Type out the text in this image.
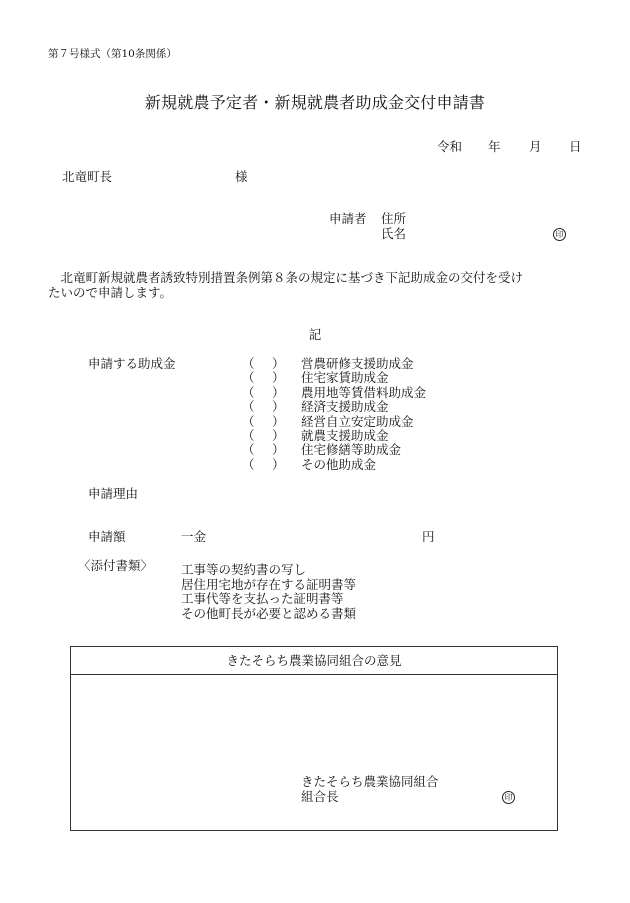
第７号様式（第10条関係）
新規就農予定者・新規就農者助成金交付申請書
令和 年 月 日
北竜町長	様
申請者 住所
氏名	印
　北竜町新規就農者誘致特別措置条例第８条の規定に基づき下記助成金の交付を受け
たいので申請します。
記
申請する助成金	（ ） 営農研修支援助成金
（ ） 住宅家賃助成金
（ ） 農用地等賃借料助成金
（ ） 経済支援助成金
（ ） 経営自立安定助成金
（ ） 就農支援助成金
（ ） 住宅修繕等助成金
（ ） その他助成金
申請理由
申請額	一金	円
〈添付書類〉 工事等の契約書の写し
居住用宅地が存在する証明書等
工事代等を支払った証明書等
その他町長が必要と認める書類
きたそらち農業協同組合の意見
きたそらち農業協同組合
組合長	印
